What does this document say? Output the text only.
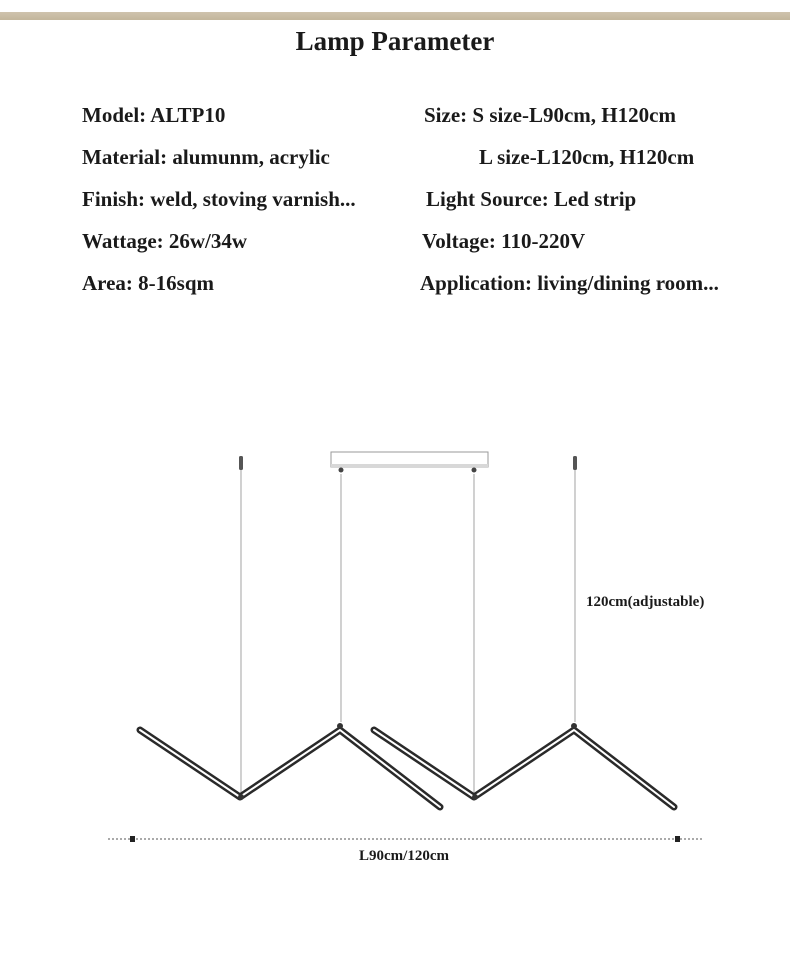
Lamp Parameter
Model: ALTP10
Material: alumunm, acrylic
Finish: weld, stoving varnish...
Wattage: 26w/34w
Area: 8-16sqm
Size: S size-L90cm, H120cm
L size-L120cm, H120cm
Light Source: Led strip
Voltage: 110-220V
Application: living/dining room...
120cm(adjustable)
L90cm/120cm
